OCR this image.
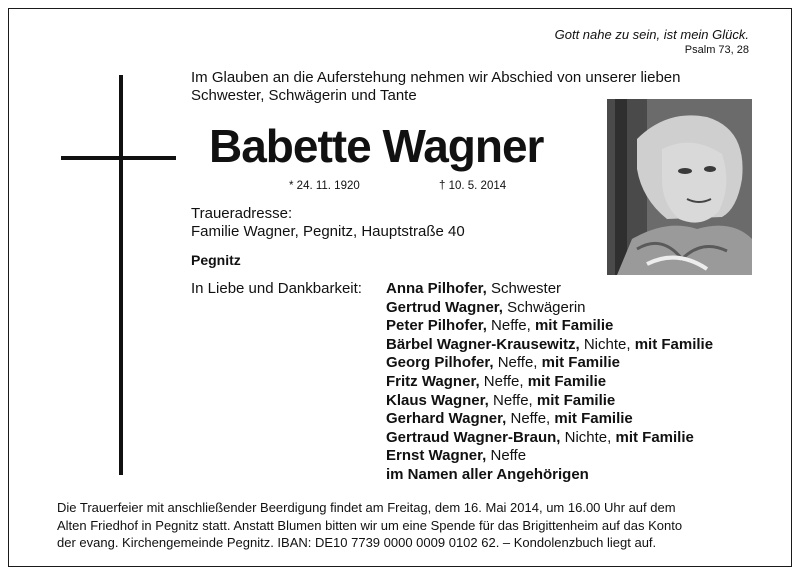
Gott nahe zu sein, ist mein Glück.
Psalm 73, 28
Im Glauben an die Auferstehung nehmen wir Abschied von unserer lieben
Schwester, Schwägerin und Tante
Babette Wagner
* 24. 11. 1920	† 10. 5. 2014
Traueradresse:
Familie Wagner, Pegnitz, Hauptstraße 40
Pegnitz
In Liebe und Dankbarkeit: Anna Pilhofer, Schwester
Gertrud Wagner, Schwägerin
Peter Pilhofer, Neffe, mit Familie
Bärbel Wagner-Krausewitz, Nichte, mit Familie
Georg Pilhofer, Neffe, mit Familie
Fritz Wagner, Neffe, mit Familie
Klaus Wagner, Neffe, mit Familie
Gerhard Wagner, Neffe, mit Familie
Gertraud Wagner-Braun, Nichte, mit Familie
Ernst Wagner, Neffe
im Namen aller Angehörigen
Die Trauerfeier mit anschließender Beerdigung findet am Freitag, dem 16. Mai 2014, um 16.00 Uhr auf dem
Alten Friedhof in Pegnitz statt. Anstatt Blumen bitten wir um eine Spende für das Brigittenheim auf das Konto
der evang. Kirchengemeinde Pegnitz. IBAN: DE10 7739 0000 0009 0102 62. – Kondolenzbuch liegt auf.
